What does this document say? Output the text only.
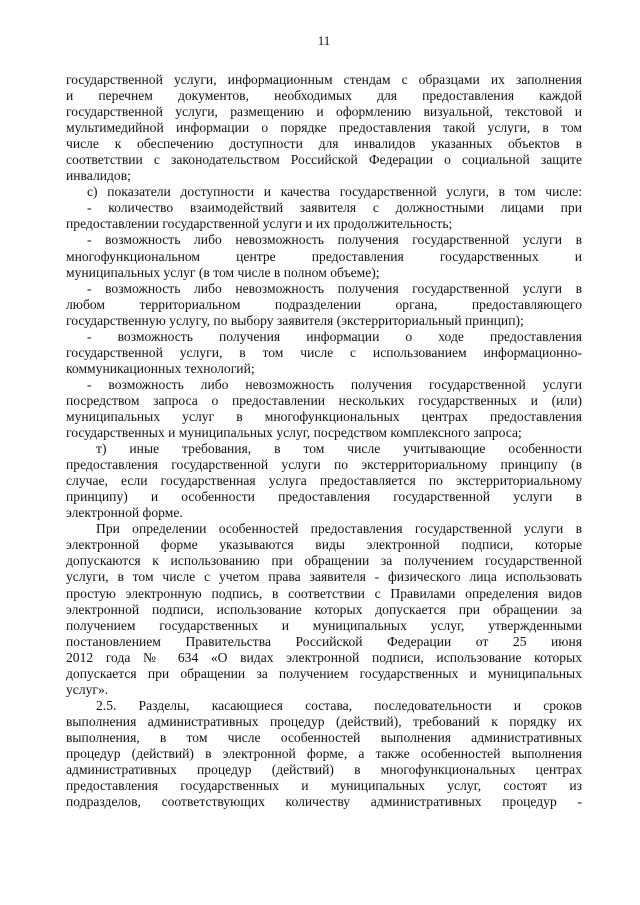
11
государственной услуги, информационным стендам с образцами их заполнения
и перечнем документов, необходимых для предоставления каждой
государственной услуги, размещению и оформлению визуальной, текстовой и
мультимедийной информации о порядке предоставления такой услуги, в том
числе к обеспечению доступности для инвалидов указанных объектов в
соответствии с законодательством Российской Федерации о социальной защите
инвалидов;
с) показатели доступности и качества государственной услуги, в том числе:
- количество взаимодействий заявителя с должностными лицами при
предоставлении государственной услуги и их продолжительность;
- возможность либо невозможность получения государственной услуги в
многофункциональном центре предоставления государственных и
муниципальных услуг (в том числе в полном объеме);
- возможность либо невозможность получения государственной услуги в
любом территориальном подразделении органа, предоставляющего
государственную услугу, по выбору заявителя (экстерриториальный принцип);
- возможность получения информации о ходе предоставления
государственной услуги, в том числе с использованием информационно-
коммуникационных технологий;
- возможность либо невозможность получения государственной услуги
посредством запроса о предоставлении нескольких государственных и (или)
муниципальных услуг в многофункциональных центрах предоставления
государственных и муниципальных услуг, посредством комплексного запроса;
т) иные требования, в том числе учитывающие особенности
предоставления государственной услуги по экстерриториальному принципу (в
случае, если государственная услуга предоставляется по экстерриториальному
принципу) и особенности предоставления государственной услуги в
электронной форме.
При определении особенностей предоставления государственной услуги в
электронной форме указываются виды электронной подписи, которые
допускаются к использованию при обращении за получением государственной
услуги, в том числе с учетом права заявителя - физического лица использовать
простую электронную подпись, в соответствии с Правилами определения видов
электронной подписи, использование которых допускается при обращении за
получением государственных и муниципальных услуг, утвержденными
постановлением Правительства Российской Федерации от 25 июня
2012 года № 634 «О видах электронной подписи, использование которых
допускается при обращении за получением государственных и муниципальных
услуг».
2.5. Разделы, касающиеся состава, последовательности и сроков
выполнения административных процедур (действий), требований к порядку их
выполнения, в том числе особенностей выполнения административных
процедур (действий) в электронной форме, а также особенностей выполнения
административных процедур (действий) в многофункциональных центрах
предоставления государственных и муниципальных услуг, состоят из
подразделов, соответствующих количеству административных процедур -
